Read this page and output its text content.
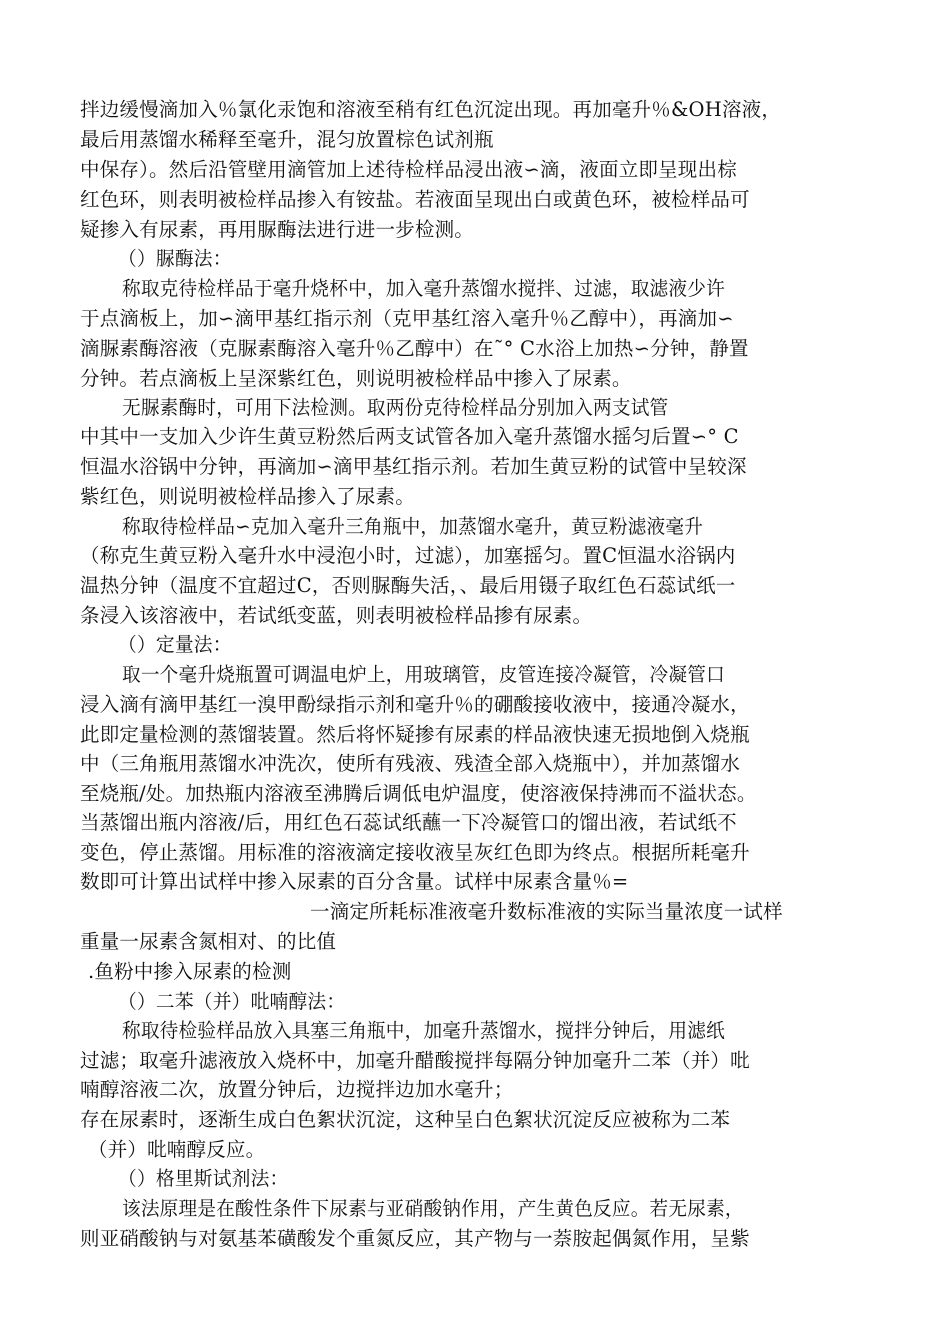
拌边缓慢滴加入％氯化汞饱和溶液至稍有红色沉淀出现。再加毫升％&OH溶液，
最后用蒸馏水稀释至毫升，混匀放置棕色试剂瓶
中保存）。然后沿管壁用滴管加上述待检样品浸出液∽滴，液面立即呈现出棕
红色环，则表明被检样品掺入有铵盐。若液面呈现出白或黄色环，被检样品可
疑掺入有尿素，再用脲酶法进行进一步检测。
（）脲酶法：
称取克待检样品于毫升烧杯中，加入毫升蒸馏水搅拌、过滤，取滤液少许
于点滴板上，加∽滴甲基红指示剂（克甲基红溶入毫升％乙醇中），再滴加∽
滴脲素酶溶液（克脲素酶溶入毫升％乙醇中）在˜° C水浴上加热∽分钟，静置
分钟。若点滴板上呈深紫红色，则说明被检样品中掺入了尿素。
无脲素酶时，可用下法检测。取两份克待检样品分别加入两支试管
中其中一支加入少许生黄豆粉然后两支试管各加入毫升蒸馏水摇匀后置∽° C
恒温水浴锅中分钟，再滴加∽滴甲基红指示剂。若加生黄豆粉的试管中呈较深
紫红色，则说明被检样品掺入了尿素。
称取待检样品∽克加入毫升三角瓶中，加蒸馏水毫升，黄豆粉滤液毫升
（称克生黄豆粉入毫升水中浸泡小时，过滤），加塞摇匀。置C恒温水浴锅内
温热分钟（温度不宜超过C，否则脲酶失活，、最后用镊子取红色石蕊试纸一
条浸入该溶液中，若试纸变蓝，则表明被检样品掺有尿素。
（）定量法：
取一个毫升烧瓶置可调温电炉上，用玻璃管，皮管连接冷凝管，冷凝管口
浸入滴有滴甲基红一溴甲酚绿指示剂和毫升％的硼酸接收液中，接通冷凝水，
此即定量检测的蒸馏装置。然后将怀疑掺有尿素的样品液快速无损地倒入烧瓶
中（三角瓶用蒸馏水冲洗次，使所有残液、残渣全部入烧瓶中），并加蒸馏水
至烧瓶/处。加热瓶内溶液至沸腾后调低电炉温度，使溶液保持沸而不溢状态。
当蒸馏出瓶内溶液/后，用红色石蕊试纸蘸一下冷凝管口的馏出液，若试纸不
变色，停止蒸馏。用标准的溶液滴定接收液呈灰红色即为终点。根据所耗毫升
数即可计算出试样中掺入尿素的百分含量。试样中尿素含量％=
一滴定所耗标准液毫升数标准液的实际当量浓度一试样
重量一尿素含氮相对、的比值
.鱼粉中掺入尿素的检测
（）二苯（并）吡喃醇法：
称取待检验样品放入具塞三角瓶中，加毫升蒸馏水，搅拌分钟后，用滤纸
过滤；取毫升滤液放入烧杯中，加毫升醋酸搅拌每隔分钟加毫升二苯（并）吡
喃醇溶液二次，放置分钟后，边搅拌边加水毫升；
存在尿素时，逐渐生成白色絮状沉淀，这种呈白色絮状沉淀反应被称为二苯
（并）吡喃醇反应。
（）格里斯试剂法：
该法原理是在酸性条件下尿素与亚硝酸钠作用，产生黄色反应。若无尿素，
则亚硝酸钠与对氨基苯磺酸发个重氮反应，其产物与一萘胺起偶氮作用，呈紫
